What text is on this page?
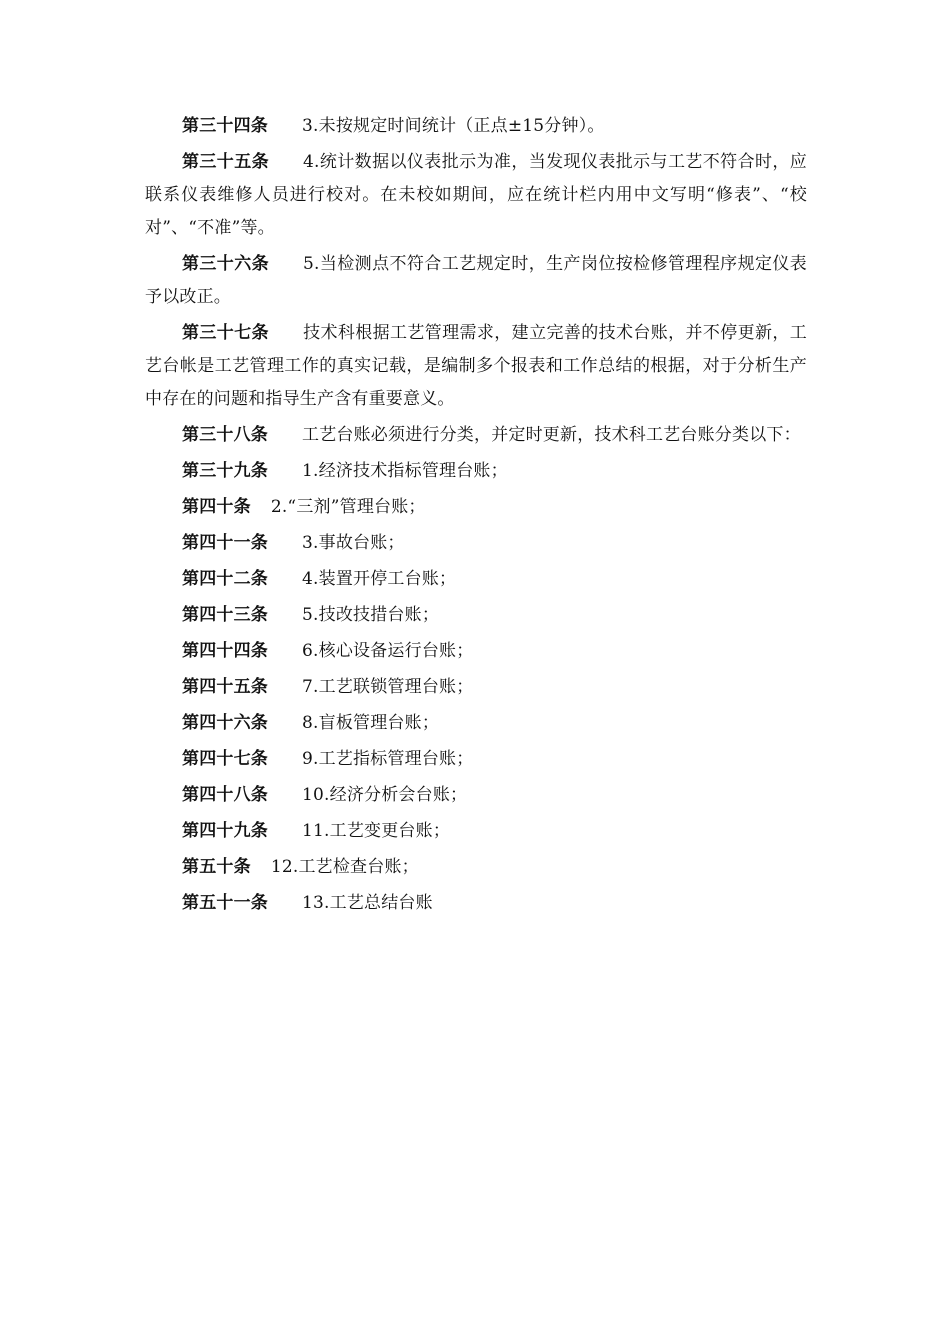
第三十四条 3.未按规定时间统计（正点±15分钟）。

第三十五条 4.统计数据以仪表批示为准，当发现仪表批示与工艺不符合时，应联系仪表维修人员进行校对。在未校如期间，应在统计栏内用中文写明“修表”、“校对”、“不准”等。

第三十六条 5.当检测点不符合工艺规定时，生产岗位按检修管理程序规定仪表予以改正。

第三十七条 技术科根据工艺管理需求，建立完善的技术台账，并不停更新，工艺台帐是工艺管理工作的真实记载，是编制多个报表和工作总结的根据，对于分析生产中存在的问题和指导生产含有重要意义。

第三十八条 工艺台账必须进行分类，并定时更新，技术科工艺台账分类以下：

第三十九条 1.经济技术指标管理台账；

第四十条 2.“三剂”管理台账；

第四十一条 3.事故台账；

第四十二条 4.装置开停工台账；

第四十三条 5.技改技措台账；

第四十四条 6.核心设备运行台账；

第四十五条 7.工艺联锁管理台账；

第四十六条 8.盲板管理台账；

第四十七条 9.工艺指标管理台账；

第四十八条 10.经济分析会台账；

第四十九条 11.工艺变更台账；

第五十条 12.工艺检查台账；

第五十一条 13.工艺总结台账
